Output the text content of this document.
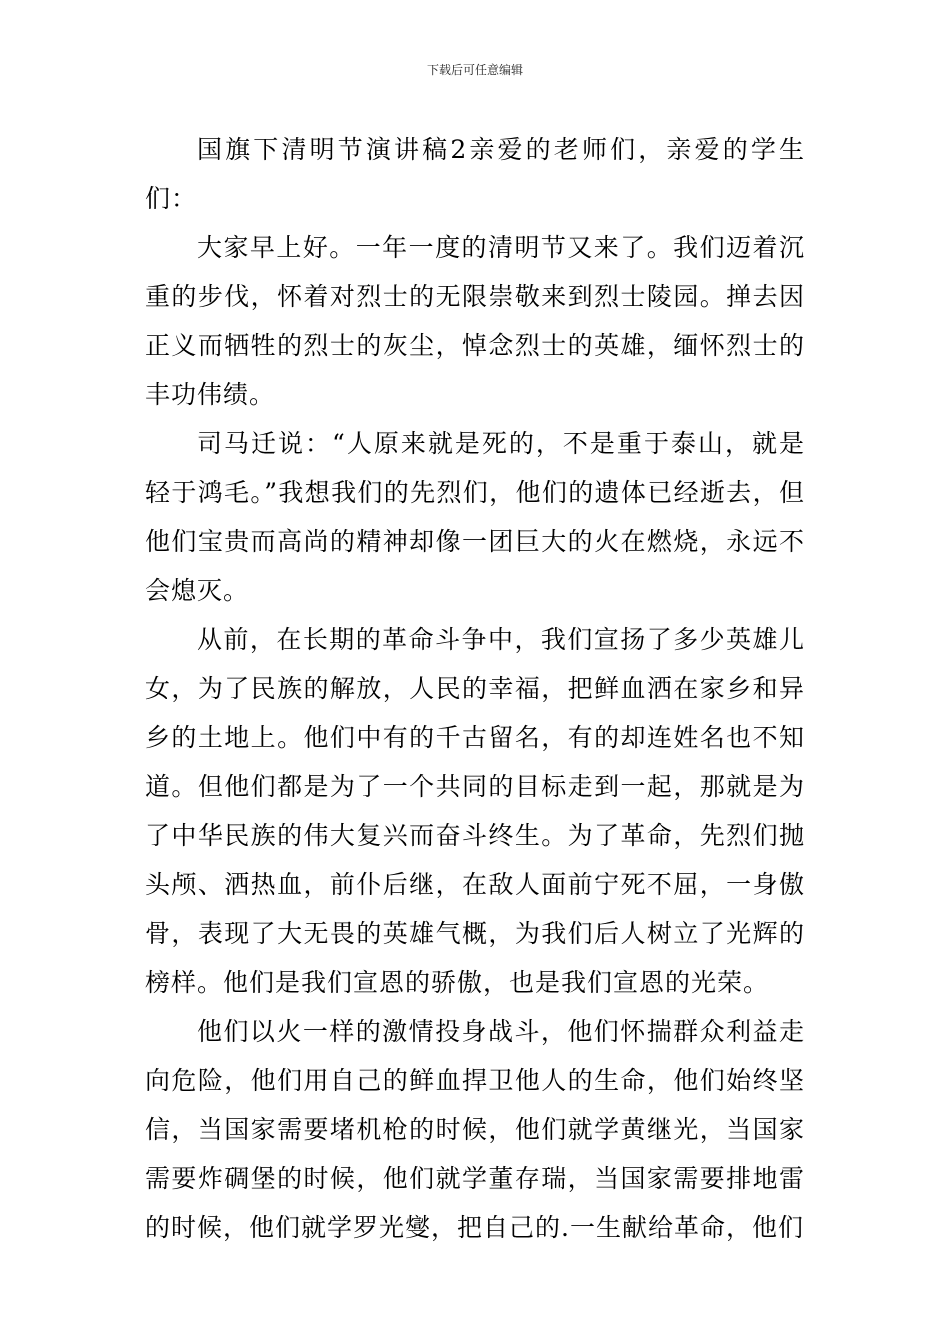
下载后可任意编辑

国旗下清明节演讲稿2亲爱的老师们，亲爱的学生们：

大家早上好。一年一度的清明节又来了。我们迈着沉重的步伐，怀着对烈士的无限崇敬来到烈士陵园。掸去因正义而牺牲的烈士的灰尘，悼念烈士的英雄，缅怀烈士的丰功伟绩。

司马迁说：“人原来就是死的，不是重于泰山，就是轻于鸿毛。”我想我们的先烈们，他们的遗体已经逝去，但他们宝贵而高尚的精神却像一团巨大的火在燃烧，永远不会熄灭。

从前，在长期的革命斗争中，我们宣扬了多少英雄儿女，为了民族的解放，人民的幸福，把鲜血洒在家乡和异乡的土地上。他们中有的千古留名，有的却连姓名也不知道。但他们都是为了一个共同的目标走到一起，那就是为了中华民族的伟大复兴而奋斗终生。为了革命，先烈们抛头颅、洒热血，前仆后继，在敌人面前宁死不屈，一身傲骨，表现了大无畏的英雄气概，为我们后人树立了光辉的榜样。他们是我们宣恩的骄傲，也是我们宣恩的光荣。

他们以火一样的激情投身战斗，他们怀揣群众利益走向危险，他们用自己的鲜血捍卫他人的生命，他们始终坚信，当国家需要堵机枪的时候，他们就学黄继光，当国家需要炸碉堡的时候，他们就学董存瑞，当国家需要排地雷的时候，他们就学罗光燮，把自己的.一生献给革命，他们
